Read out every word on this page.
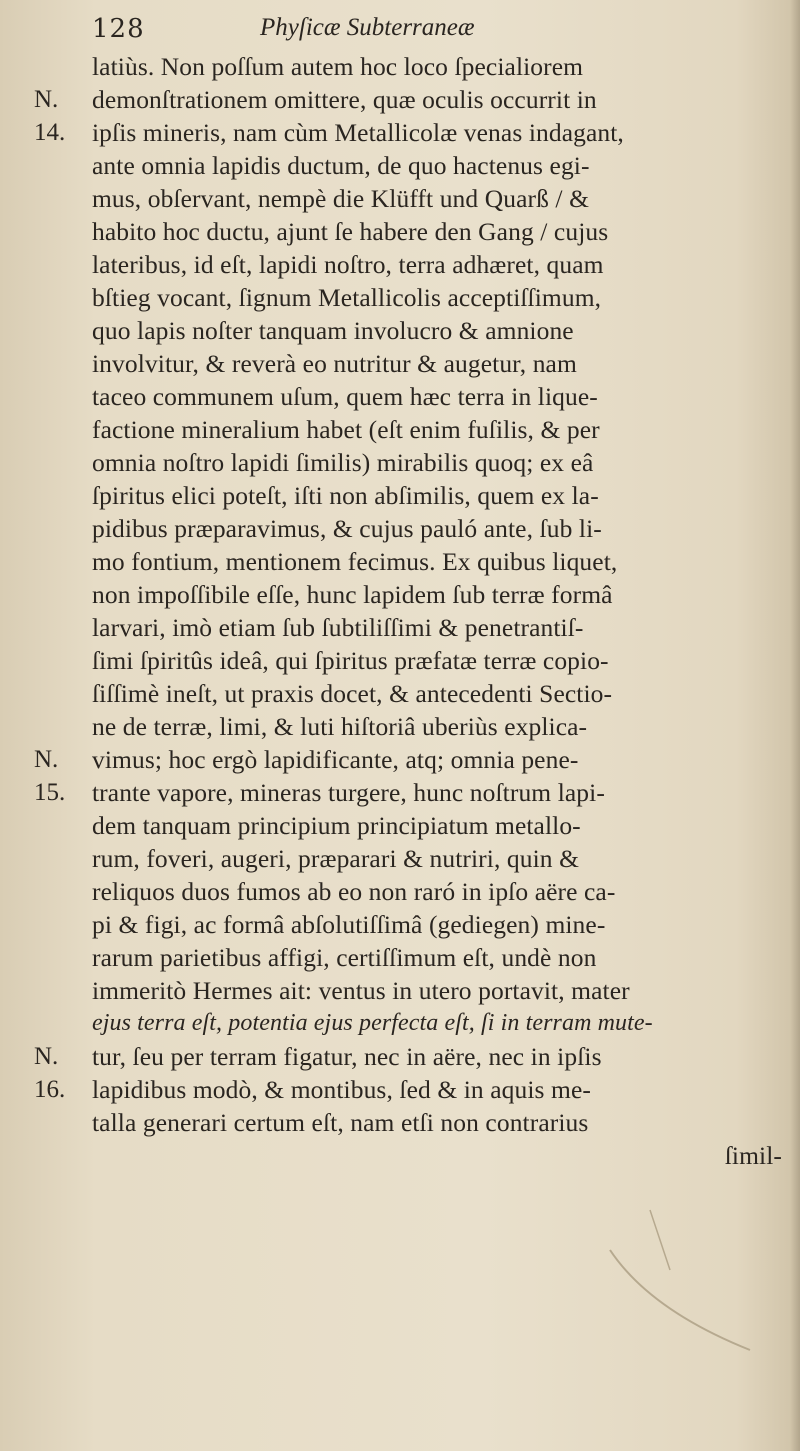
128	Phyſicæ Subterraneæ
N.
14.
N.
15.
N.
16.
latiùs. Non poſſum autem hoc loco ſpecialiorem
demonſtrationem omittere, quæ oculis occurrit in
ipſis mineris, nam cùm Metallicolæ venas indagant,
ante omnia lapidis ductum, de quo hactenus egi-
mus, obſervant, nempè die Klüfft und Quarß / &
habito hoc ductu, ajunt ſe habere den Gang / cujus
lateribus, id eſt, lapidi noſtro, terra adhæret, quam
bſtieg vocant, ſignum Metallicolis acceptiſſimum,
quo lapis noſter tanquam involucro & amnione
involvitur, & reverà eo nutritur & augetur, nam
taceo communem uſum, quem hæc terra in lique-
factione mineralium habet (eſt enim fuſilis, & per
omnia noſtro lapidi ſimilis) mirabilis quoq; ex eâ
ſpiritus elici poteſt, iſti non abſimilis, quem ex la-
pidibus præparavimus, & cujus pauló ante, ſub li-
mo fontium, mentionem fecimus. Ex quibus liquet,
non impoſſibile eſſe, hunc lapidem ſub terræ formâ
larvari, imò etiam ſub ſubtiliſſimi & penetrantiſ-
ſimi ſpiritûs ideâ, qui ſpiritus præfatæ terræ copio-
ſiſſimè ineſt, ut praxis docet, & antecedenti Sectio-
ne de terræ, limi, & luti hiſtoriâ uberiùs explica-
vimus; hoc ergò lapidificante, atq; omnia pene-
trante vapore, mineras turgere, hunc noſtrum lapi-
dem tanquam principium principiatum metallo-
rum, foveri, augeri, præparari & nutriri, quin &
reliquos duos fumos ab eo non raró in ipſo aëre ca-
pi & figi, ac formâ abſolutiſſimâ (gediegen) mine-
rarum parietibus affigi, certiſſimum eſt, undè non
immeritò Hermes ait: ventus in utero portavit, mater
ejus terra eſt, potentia ejus perfecta eſt, ſi in terram mute-
tur, ſeu per terram figatur, nec in aëre, nec in ipſis
lapidibus modò, & montibus, ſed & in aquis me-
talla generari certum eſt, nam etſi non contrarius
ſimil-
